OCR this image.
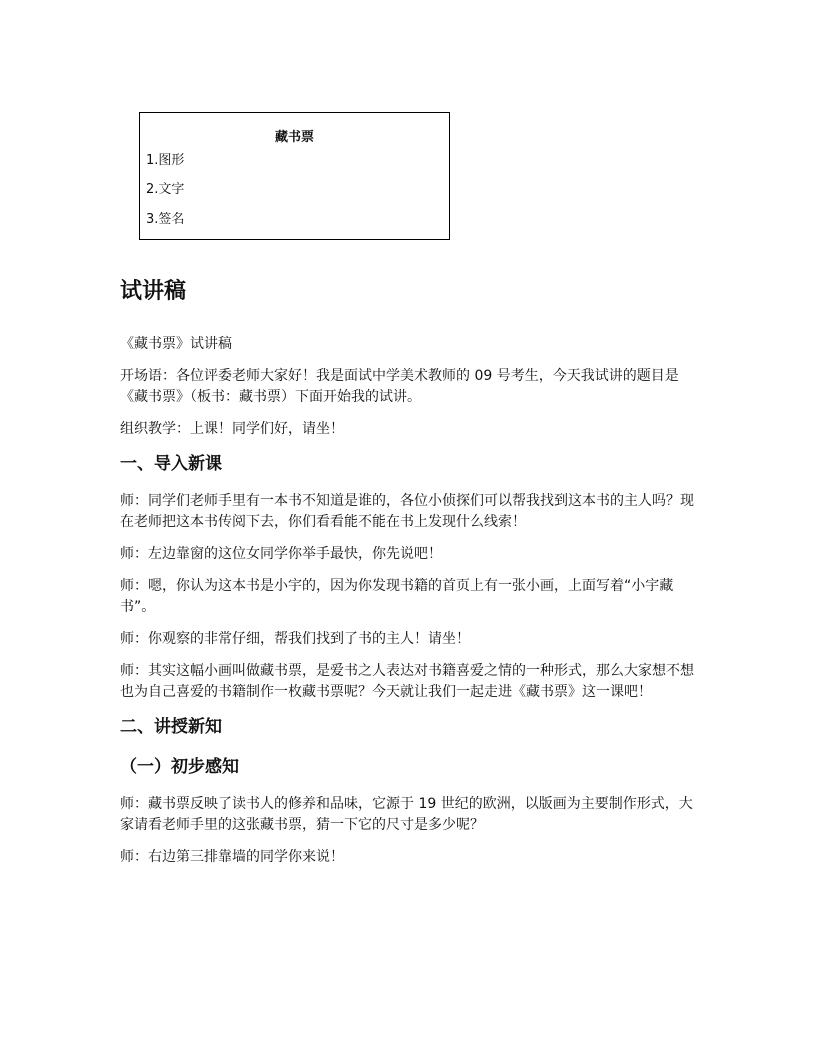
藏书票
1.图形
2.文字
3.签名
试讲稿

《藏书票》试讲稿

开场语：各位评委老师大家好！我是面试中学美术教师的 09 号考生，今天我试讲的题目是《藏书票》（板书：藏书票）下面开始我的试讲。

组织教学：上课！同学们好，请坐！

一、导入新课

师：同学们老师手里有一本书不知道是谁的，各位小侦探们可以帮我找到这本书的主人吗？现在老师把这本书传阅下去，你们看看能不能在书上发现什么线索！

师：左边靠窗的这位女同学你举手最快，你先说吧！

师：嗯，你认为这本书是小宇的，因为你发现书籍的首页上有一张小画，上面写着“小宇藏书”。

师：你观察的非常仔细，帮我们找到了书的主人！请坐！

师：其实这幅小画叫做藏书票，是爱书之人表达对书籍喜爱之情的一种形式，那么大家想不想也为自己喜爱的书籍制作一枚藏书票呢？今天就让我们一起走进《藏书票》这一课吧！

二、讲授新知
（一）初步感知

师：藏书票反映了读书人的修养和品味，它源于 19 世纪的欧洲，以版画为主要制作形式，大家请看老师手里的这张藏书票，猜一下它的尺寸是多少呢？

师：右边第三排靠墙的同学你来说！
